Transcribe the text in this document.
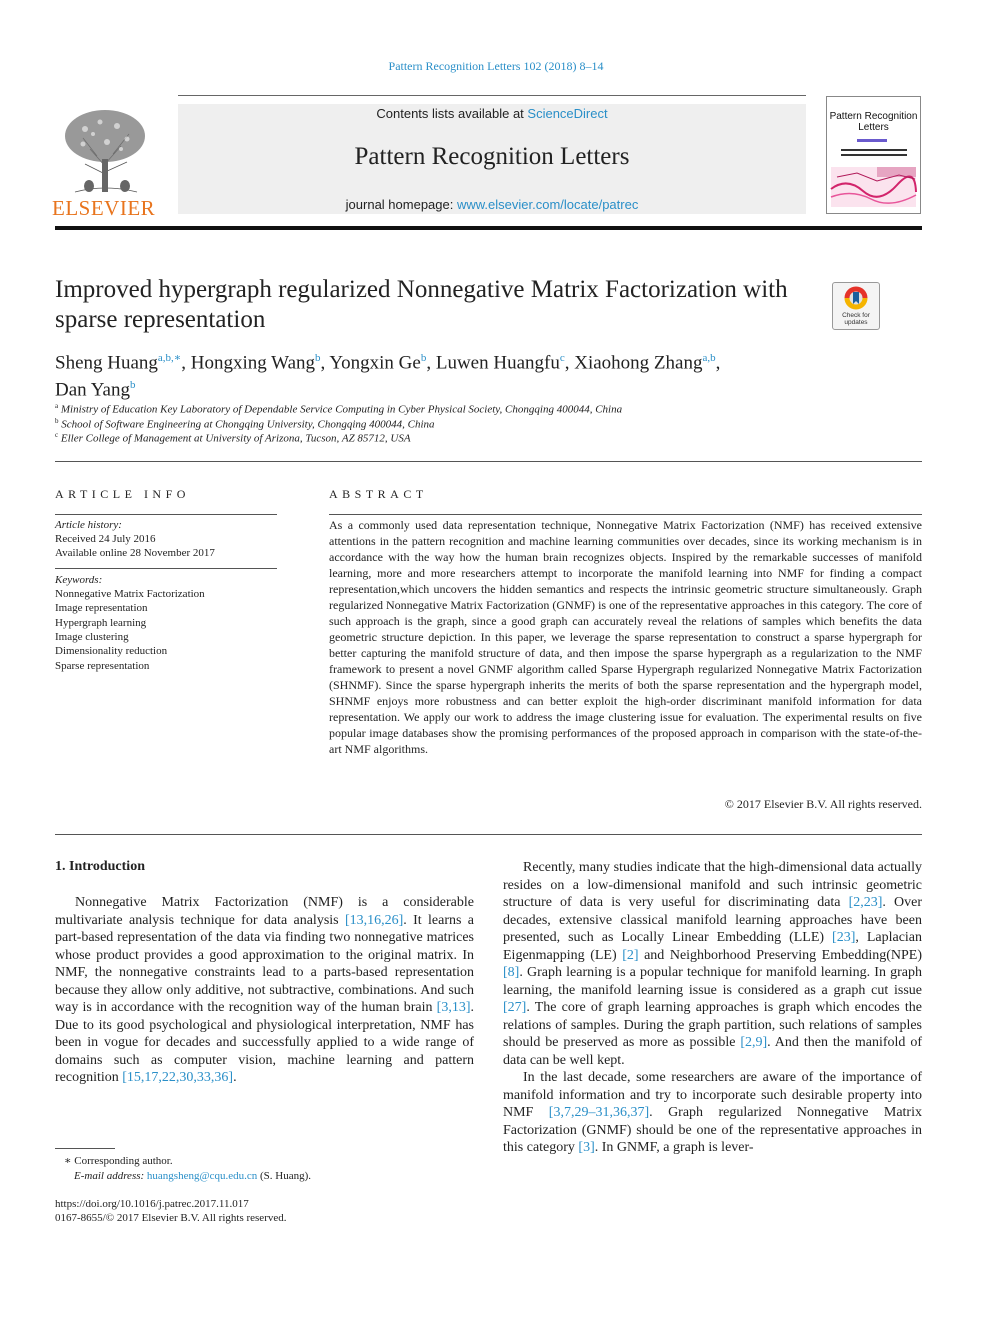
Pattern Recognition Letters 102 (2018) 8–14
ELSEVIER
Contents lists available at ScienceDirect
Pattern Recognition Letters
journal homepage: www.elsevier.com/locate/patrec
Pattern Recognition Letters
Improved hypergraph regularized Nonnegative Matrix Factorization with sparse representation	Check for updates
Sheng Huang$^{a,b,∗}$, Hongxing Wang$^b$, Yongxin Ge$^b$, Luwen Huangfu$^c$, Xiaohong Zhang$^{a,b}$,
Dan Yang$^b$
$^a$ Ministry of Education Key Laboratory of Dependable Service Computing in Cyber Physical Society, Chongqing 400044, China
$^b$ School of Software Engineering at Chongqing University, Chongqing 400044, China
$^c$ Eller College of Management at University of Arizona, Tucson, AZ 85712, USA
ARTICLE INFO
Article history:
Received 24 July 2016
Available online 28 November 2017
Keywords:
Nonnegative Matrix Factorization
Image representation
Hypergraph learning
Image clustering
Dimensionality reduction
Sparse representation
ABSTRACT
As a commonly used data representation technique, Nonnegative Matrix Factorization (NMF) has received extensive attentions in the pattern recognition and machine learning communities over decades, since its working mechanism is in accordance with the way how the human brain recognizes objects. Inspired by the remarkable successes of manifold learning, more and more researchers attempt to incorporate the manifold learning into NMF for finding a compact representation,which uncovers the hidden semantics and respects the intrinsic geometric structure simultaneously. Graph regularized Nonnegative Matrix Factorization (GNMF) is one of the representative approaches in this category. The core of such approach is the graph, since a good graph can accurately reveal the relations of samples which benefits the data geometric structure depiction. In this paper, we leverage the sparse representation to construct a sparse hypergraph for better capturing the manifold structure of data, and then impose the sparse hypergraph as a regularization to the NMF framework to present a novel GNMF algorithm called Sparse Hypergraph regularized Nonnegative Matrix Factorization (SHNMF). Since the sparse hypergraph inherits the merits of both the sparse representation and the hypergraph model, SHNMF enjoys more robustness and can better exploit the high-order discriminant manifold information for data representation. We apply our work to address the image clustering issue for evaluation. The experimental results on five popular image databases show the promising performances of the proposed approach in comparison with the state-of-the-art NMF algorithms.
© 2017 Elsevier B.V. All rights reserved.
1. Introduction

Nonnegative Matrix Factorization (NMF) is a considerable multivariate analysis technique for data analysis [13,16,26]. It learns a part-based representation of the data via finding two nonnegative matrices whose product provides a good approximation to the original matrix. In NMF, the nonnegative constraints lead to a parts-based representation because they allow only additive, not subtractive, combinations. And such way is in accordance with the recognition way of the human brain [3,13]. Due to its good psychological and physiological interpretation, NMF has been in vogue for decades and successfully applied to a wide range of domains such as computer vision, machine learning and pattern recognition [15,17,22,30,33,36].

Recently, many studies indicate that the high-dimensional data actually resides on a low-dimensional manifold and such intrinsic geometric structure of data is very useful for discriminating data [2,23]. Over decades, extensive classical manifold learning approaches have been presented, such as Locally Linear Embedding (LLE) [23], Laplacian Eigenmapping (LE) [2] and Neighborhood Preserving Embedding(NPE) [8]. Graph learning is a popular technique for manifold learning. In graph learning, the manifold learning issue is considered as a graph cut issue [27]. The core of graph learning approaches is graph which encodes the relations of samples. During the graph partition, such relations of samples should be preserved as more as possible [2,9]. And then the manifold of data can be well kept.

In the last decade, some researchers are aware of the importance of manifold information and try to incorporate such desirable property into NMF [3,7,29–31,36,37]. Graph regularized Nonnegative Matrix Factorization (GNMF) should be one of the representative approaches in this category [3]. In GNMF, a graph is lever-

∗ Corresponding author.
E-mail address: huangsheng@cqu.edu.cn (S. Huang).
https://doi.org/10.1016/j.patrec.2017.11.017
0167-8655/© 2017 Elsevier B.V. All rights reserved.
